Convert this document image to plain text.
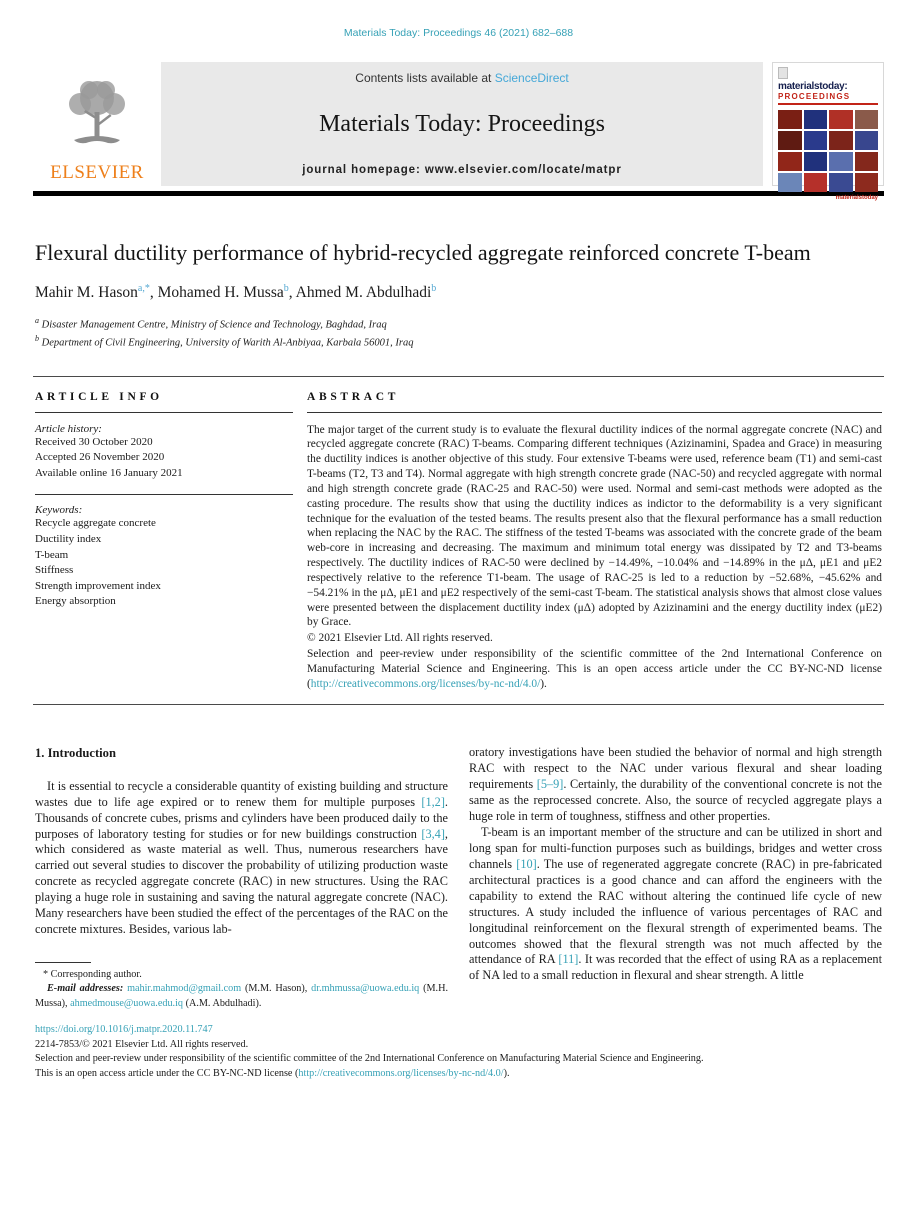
Materials Today: Proceedings 46 (2021) 682–688
ELSEVIER
Contents lists available at ScienceDirect
Materials Today: Proceedings
journal homepage: www.elsevier.com/locate/matpr
materialstoday:
PROCEEDINGS
materialstoday
Flexural ductility performance of hybrid-recycled aggregate reinforced concrete T-beam
Mahir M. Hason$^{a,*}$, Mohamed H. Mussa$^b$, Ahmed M. Abdulhadi$^b$
$^a$ Disaster Management Centre, Ministry of Science and Technology, Baghdad, Iraq
$^b$ Department of Civil Engineering, University of Warith Al-Anbiyaa, Karbala 56001, Iraq
ARTICLE INFO
Article history:
Received 30 October 2020
Accepted 26 November 2020
Available online 16 January 2021
Keywords:
Recycle aggregate concrete
Ductility index
T-beam
Stiffness
Strength improvement index
Energy absorption
ABSTRACT

The major target of the current study is to evaluate the flexural ductility indices of the normal aggregate concrete (NAC) and recycled aggregate concrete (RAC) T-beams. Comparing different techniques (Azizinamini, Spadea and Grace) in measuring the ductility indices is another objective of this study. Four extensive T-beams were used, reference beam (T1) and semi-cast T-beams (T2, T3 and T4). Normal aggregate with high strength concrete grade (NAC-50) and recycled aggregate with normal and high strength concrete grade (RAC-25 and RAC-50) were used. Normal and semi-cast methods were adopted as the casting procedure. The results show that using the ductility indices as indictor to the deformability is a very significant technique for the evaluation of the tested beams. The results present also that the flexural performance has a small reduction when replacing the NAC by the RAC. The stiffness of the tested T-beams was associated with the concrete grade of the beam web-core in increasing and decreasing. The maximum and minimum total energy was dissipated by T2 and T3-beams respectively. The ductility indices of RAC-50 were declined by −14.49%, −10.04% and −14.89% in the μΔ, μE1 and μE2 respectively relative to the reference T1-beam. The usage of RAC-25 is led to a reduction by −52.68%, −45.62% and −54.21% in the μΔ, μE1 and μE2 respectively of the semi-cast T-beam. The statistical analysis shows that almost close values were presented between the displacement ductility index (μΔ) adopted by Azizinamini and the energy ductility index (μE2) by Grace.

© 2021 Elsevier Ltd. All rights reserved.

Selection and peer-review under responsibility of the scientific committee of the 2nd International Conference on Manufacturing Material Science and Engineering. This is an open access article under the CC BY-NC-ND license (http://creativecommons.org/licenses/by-nc-nd/4.0/).

1. Introduction

It is essential to recycle a considerable quantity of existing building and structure wastes due to life age expired or to renew them for multiple purposes [1,2]. Thousands of concrete cubes, prisms and cylinders have been produced daily to the purposes of laboratory testing for studies or for new buildings construction [3,4], which considered as waste material as well. Thus, numerous researchers have carried out several studies to discover the probability of utilizing production waste concrete as recycled aggregate concrete (RAC) in new structures. Using the RAC playing a huge role in sustaining and saving the natural aggregate concrete (NAC). Many researchers have been studied the effect of the percentages of the RAC on the concrete mixtures. Besides, various lab-

* Corresponding author.
E-mail addresses: mahir.mahmod@gmail.com (M.M. Hason), dr.mhmussa@uowa.edu.iq (M.H. Mussa), ahmedmouse@uowa.edu.iq (A.M. Abdulhadi).

oratory investigations have been studied the behavior of normal and high strength RAC with respect to the NAC under various flexural and shear loading requirements [5–9]. Certainly, the durability of the conventional concrete is not the same as the reprocessed concrete. Also, the source of recycled aggregate plays a huge role in term of toughness, stiffness and other properties.

T-beam is an important member of the structure and can be utilized in short and long span for multi-function purposes such as buildings, bridges and wetter cross channels [10]. The use of regenerated aggregate concrete (RAC) in pre-fabricated architectural practices is a good chance and can afford the engineers with the capability to extend the RAC without altering the continued life cycle of new structures. A study included the influence of various percentages of RAC and longitudinal reinforcement on the flexural strength of experimented beams. The outcomes showed that the flexural strength was not much affected by the attendance of RA [11]. It was recorded that the effect of using RA as a replacement of NA led to a small reduction in flexural and shear strength. A little

https://doi.org/10.1016/j.matpr.2020.11.747
2214-7853/© 2021 Elsevier Ltd. All rights reserved.
Selection and peer-review under responsibility of the scientific committee of the 2nd International Conference on Manufacturing Material Science and Engineering.
This is an open access article under the CC BY-NC-ND license (http://creativecommons.org/licenses/by-nc-nd/4.0/).
